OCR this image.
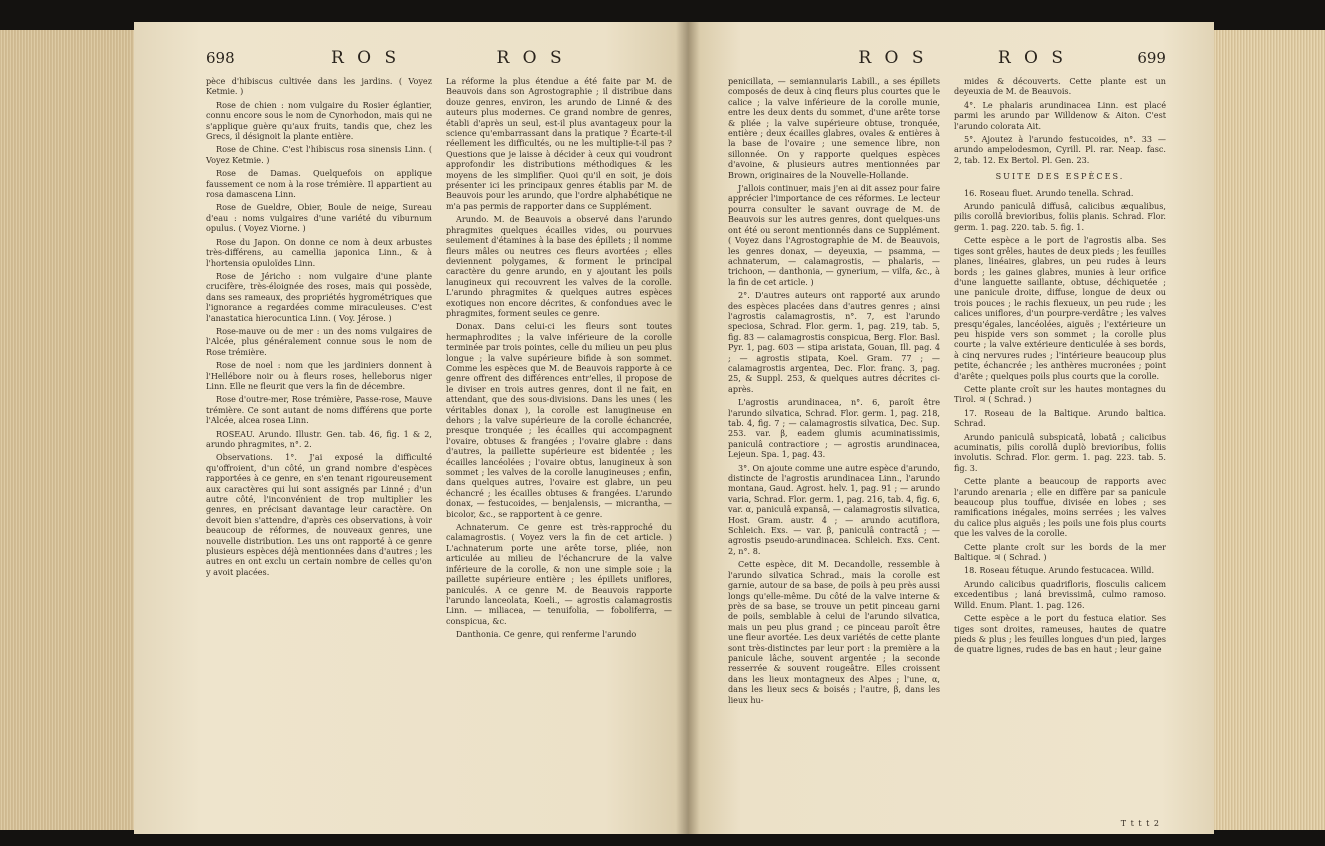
698	R O S	R O S

pèce d'hibiscus cultivée dans les jardins. ( Voyez Ketmie. )

Rose de chien : nom vulgaire du Rosier églantier, connu encore sous le nom de Cynorhodon, mais qui ne s'applique guère qu'aux fruits, tandis que, chez les Grecs, il désignoit la plante entière.

Rose de Chine. C'est l'hibiscus rosa sinensis Linn. ( Voyez Ketmie. )

Rose de Damas. Quelquefois on applique faussement ce nom à la rose trémière. Il appartient au rosa damascena Linn.

Rose de Gueldre, Obier, Boule de neige, Sureau d'eau : noms vulgaires d'une variété du viburnum opulus. ( Voyez Viorne. )

Rose du Japon. On donne ce nom à deux arbustes très-différens, au camellia japonica Linn., & à l'hortensia opuloïdes Linn.

Rose de Jéricho : nom vulgaire d'une plante crucifère, très-éloignée des roses, mais qui possède, dans ses rameaux, des propriétés hygrométriques que l'ignorance a regardées comme miraculeuses. C'est l'anastatica hierocuntica Linn. ( Voy. Jérose. )

Rose-mauve ou de mer : un des noms vulgaires de l'Alcée, plus généralement connue sous le nom de Rose trémière.

Rose de noel : nom que les jardiniers donnent à l'Hellébore noir ou à fleurs roses, helleborus niger Linn. Elle ne fleurit que vers la fin de décembre.

Rose d'outre-mer, Rose trémière, Passe-rose, Mauve trémière. Ce sont autant de noms différens que porte l'Alcée, alcea rosea Linn.

ROSEAU. Arundo. Illustr. Gen. tab. 46, fig. 1 & 2, arundo phragmites, n°. 2.

Observations. 1°. J'ai exposé la difficulté qu'offroient, d'un côté, un grand nombre d'espèces rapportées à ce genre, en s'en tenant rigoureusement aux caractères qui lui sont assignés par Linné ; d'un autre côté, l'inconvénient de trop multiplier les genres, en précisant davantage leur caractère. On devoit bien s'attendre, d'après ces observations, à voir beaucoup de réformes, de nouveaux genres, une nouvelle distribution. Les uns ont rapporté à ce genre plusieurs espèces déjà mentionnées dans d'autres ; les autres en ont exclu un certain nombre de celles qu'on y avoit placées.

La réforme la plus étendue a été faite par M. de Beauvois dans son Agrostographie ; il distribue dans douze genres, environ, les arundo de Linné & des auteurs plus modernes. Ce grand nombre de genres, établi d'après un seul, est-il plus avantageux pour la science qu'embarrassant dans la pratique ? Écarte-t-il réellement les difficultés, ou ne les multiplie-t-il pas ? Questions que je laisse à décider à ceux qui voudront approfondir les distributions méthodiques & les moyens de les simplifier. Quoi qu'il en soit, je dois présenter ici les principaux genres établis par M. de Beauvois pour les arundo, que l'ordre alphabétique ne m'a pas permis de rapporter dans ce Supplément.

Arundo. M. de Beauvois a observé dans l'arundo phragmites quelques écailles vides, ou pourvues seulement d'étamines à la base des épillets ; il nomme fleurs mâles ou neutres ces fleurs avortées ; elles deviennent polygames, & forment le principal caractère du genre arundo, en y ajoutant les poils lanugineux qui recouvrent les valves de la corolle. L'arundo phragmites & quelques autres espèces exotiques non encore décrites, & confondues avec le phragmites, forment seules ce genre.

Donax. Dans celui-ci les fleurs sont toutes hermaphrodites ; la valve inférieure de la corolle terminée par trois pointes, celle du milieu un peu plus longue ; la valve supérieure bifide à son sommet. Comme les espèces que M. de Beauvois rapporte à ce genre offrent des différences entr'elles, il propose de le diviser en trois autres genres, dont il ne fait, en attendant, que des sous-divisions. Dans les unes ( les véritables donax ), la corolle est lanugineuse en dehors ; la valve supérieure de la corolle échancrée, presque tronquée ; les écailles qui accompagnent l'ovaire, obtuses & frangées ; l'ovaire glabre : dans d'autres, la paillette supérieure est bidentée ; les écailles lancéolées ; l'ovaire obtus, lanugineux à son sommet ; les valves de la corolle lanugineuses ; enfin, dans quelques autres, l'ovaire est glabre, un peu échancré ; les écailles obtuses & frangées. L'arundo donax, — festucoides, — benjalensis, — micrantha, — bicolor, &c., se rapportent à ce genre.

Achnaterum. Ce genre est très-rapproché du calamagrostis. ( Voyez vers la fin de cet article. ) L'achnaterum porte une arête torse, pliée, non articulée au milieu de l'échancrure de la valve inférieure de la corolle, & non une simple soie ; la paillette supérieure entière ; les épillets uniflores, paniculés. A ce genre M. de Beauvois rapporte l'arundo lanceolata, Koeli., — agrostis calamagrostis Linn. — miliacea, — tenuifolia, — foboliferra, — conspicua, &c.

Danthonia. Ce genre, qui renferme l'arundo

R O S	R O S	699

penicillata, — semiannularis Labill., a ses épillets composés de deux à cinq fleurs plus courtes que le calice ; la valve inférieure de la corolle munie, entre les deux dents du sommet, d'une arête torse & pliée ; la valve supérieure obtuse, tronquée, entière ; deux écailles glabres, ovales & entières à la base de l'ovaire ; une semence libre, non sillonnée. On y rapporte quelques espèces d'avoine, & plusieurs autres mentionnées par Brown, originaires de la Nouvelle-Hollande.

J'allois continuer, mais j'en ai dit assez pour faire apprécier l'importance de ces réformes. Le lecteur pourra consulter le savant ouvrage de M. de Beauvois sur les autres genres, dont quelques-uns ont été ou seront mentionnés dans ce Supplément. ( Voyez dans l'Agrostographie de M. de Beauvois, les genres donax, — deyeuxia, — psamma, — achnaterum, — calamagrostis, — phalaris, — trichoon, — danthonia, — gynerium, — vilfa, &c., à la fin de cet article. )

2°. D'autres auteurs ont rapporté aux arundo des espèces placées dans d'autres genres ; ainsi l'agrostis calamagrostis, n°. 7, est l'arundo speciosa, Schrad. Flor. germ. 1, pag. 219, tab. 5, fig. 83 — calamagrostis conspicua, Berg. Flor. Basl. Pyr. 1, pag. 603 — stipa aristata, Gouan, Ill. pag. 4 ; — agrostis stipata, Koel. Gram. 77 ; — calamagrostis argentea, Dec. Flor. franç. 3, pag. 25, & Suppl. 253, & quelques autres décrites ci-après.

L'agrostis arundinacea, n°. 6, paroît être l'arundo silvatica, Schrad. Flor. germ. 1, pag. 218, tab. 4, fig. 7 ; — calamagrostis silvatica, Dec. Sup. 253. var. β, eadem glumis acuminatissimis, paniculâ contractiore ; — agrostis arundinacea, Lejeun. Spa. 1, pag. 43.

3°. On ajoute comme une autre espèce d'arundo, distincte de l'agrostis arundinacea Linn., l'arundo montana, Gaud. Agrost. helv. 1, pag. 91 ; — arundo varia, Schrad. Flor. germ. 1, pag. 216, tab. 4, fig. 6, var. α, paniculâ expansâ, — calamagrostis silvatica, Host. Gram. austr. 4 ; — arundo acutiflora, Schleich. Exs. — var. β, paniculâ contractâ ; — agrostis pseudo-arundinacea. Schleich. Exs. Cent. 2, n°. 8.

Cette espèce, dit M. Decandolle, ressemble à l'arundo silvatica Schrad., mais la corolle est garnie, autour de sa base, de poils à peu près aussi longs qu'elle-même. Du côté de la valve interne & près de sa base, se trouve un petit pinceau garni de poils, semblable à celui de l'arundo silvatica, mais un peu plus grand ; ce pinceau paroît être une fleur avortée. Les deux variétés de cette plante sont très-distinctes par leur port : la première a la panicule lâche, souvent argentée ; la seconde resserrée & souvent rougeâtre. Elles croissent dans les lieux montagneux des Alpes ; l'une, α, dans les lieux secs & boisés ; l'autre, β, dans les lieux hu-

mides & découverts. Cette plante est un deyeuxia de M. de Beauvois.

4°. Le phalaris arundinacea Linn. est placé parmi les arundo par Willdenow & Aiton. C'est l'arundo colorata Ait.

5°. Ajoutez à l'arundo festucoides, n°. 33 — arundo ampelodesmon, Cyrill. Pl. rar. Neap. fasc. 2, tab. 12. Ex Bertol. Pl. Gen. 23.

SUITE DES ESPÈCES.

16. Roseau fluet. Arundo tenella. Schrad.

Arundo paniculâ diffusâ, calicibus æqualibus, pilis corollâ brevioribus, foliis planis. Schrad. Flor. germ. 1. pag. 220. tab. 5. fig. 1.

Cette espèce a le port de l'agrostis alba. Ses tiges sont grêles, hautes de deux pieds ; les feuilles planes, linéaires, glabres, un peu rudes à leurs bords ; les gaines glabres, munies à leur orifice d'une languette saillante, obtuse, déchiquetée ; une panicule droite, diffuse, longue de deux ou trois pouces ; le rachis flexueux, un peu rude ; les calices uniflores, d'un pourpre-verdâtre ; les valves presqu'égales, lancéolées, aiguës ; l'extérieure un peu hispide vers son sommet ; la corolle plus courte ; la valve extérieure denticulée à ses bords, à cinq nervures rudes ; l'intérieure beaucoup plus petite, échancrée ; les anthères mucronées ; point d'arête ; quelques poils plus courts que la corolle.

Cette plante croît sur les hautes montagnes du Tirol. ♃ ( Schrad. )

17. Roseau de la Baltique. Arundo baltica. Schrad.

Arundo paniculâ subspicatâ, lobatâ ; calicibus acuminatis, pilis corollâ duplò brevioribus, foliis involutis. Schrad. Flor. germ. 1. pag. 223. tab. 5. fig. 3.

Cette plante a beaucoup de rapports avec l'arundo arenaria ; elle en diffère par sa panicule beaucoup plus touffue, divisée en lobes ; ses ramifications inégales, moins serrées ; les valves du calice plus aiguës ; les poils une fois plus courts que les valves de la corolle.

Cette plante croît sur les bords de la mer Baltique. ♃ ( Schrad. )

18. Roseau fétuque. Arundo festucacea. Willd.

Arundo calicibus quadrifloris, flosculis calicem excedentibus ; laná brevissimâ, culmo ramoso. Willd. Enum. Plant. 1. pag. 126.

Cette espèce a le port du festuca elatior. Ses tiges sont droites, rameuses, hautes de quatre pieds & plus ; les feuilles longues d'un pied, larges de quatre lignes, rudes de bas en haut ; leur gaine

T t t t 2
